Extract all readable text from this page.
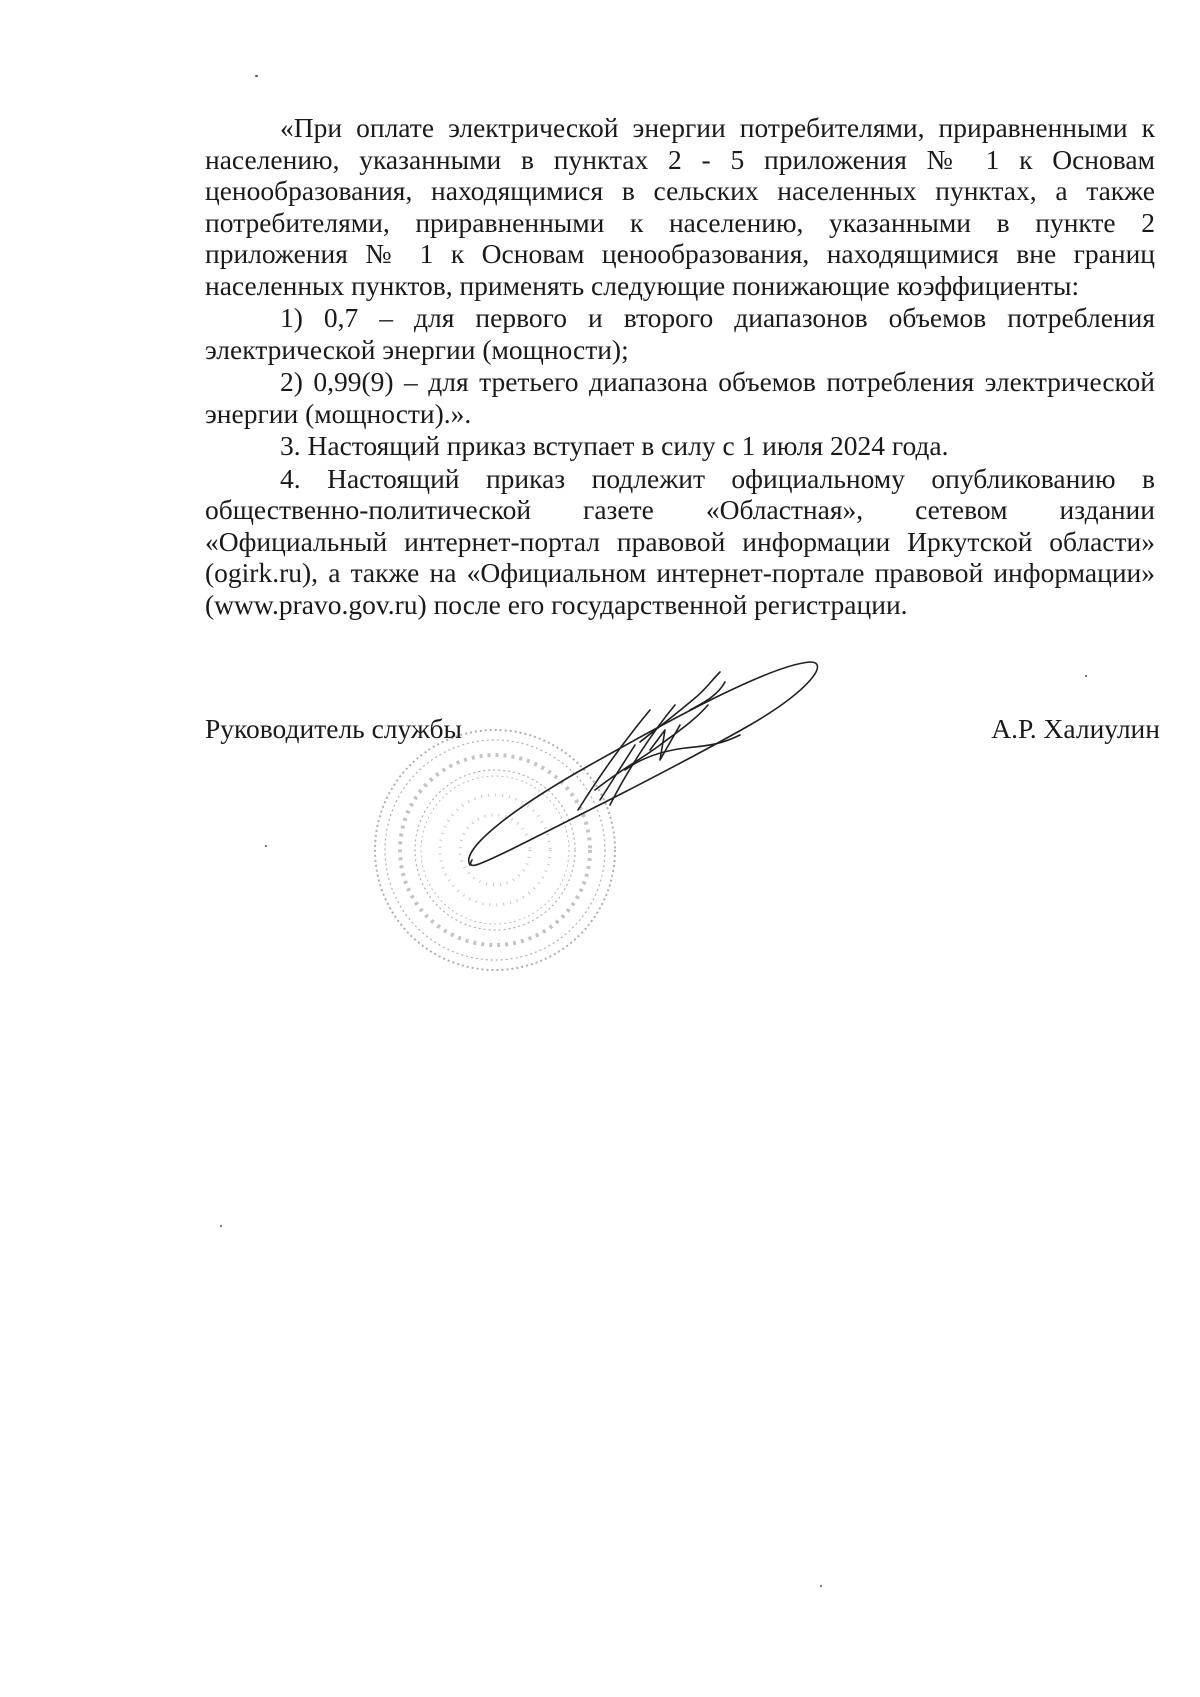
«При оплате электрической энергии потребителями, приравненными к населению, указанными в пунктах 2 - 5 приложения № 1 к Основам ценообразования, находящимися в сельских населенных пунктах, а также потребителями, приравненными к населению, указанными в пункте 2 приложения № 1 к Основам ценообразования, находящимися вне границ населенных пунктов, применять следующие понижающие коэффициенты:

1) 0,7 – для первого и второго диапазонов объемов потребления электрической энергии (мощности);

2) 0,99(9) – для третьего диапазона объемов потребления электрической энергии (мощности).».

3. Настоящий приказ вступает в силу с 1 июля 2024 года.

4. Настоящий приказ подлежит официальному опубликованию в общественно-политической газете «Областная», сетевом издании «Официальный интернет-портал правовой информации Иркутской области» (ogirk.ru), а также на «Официальном интернет-портале правовой информации» (www.pravo.gov.ru) после его государственной регистрации.

Руководитель службы	А.Р. Халиулин
